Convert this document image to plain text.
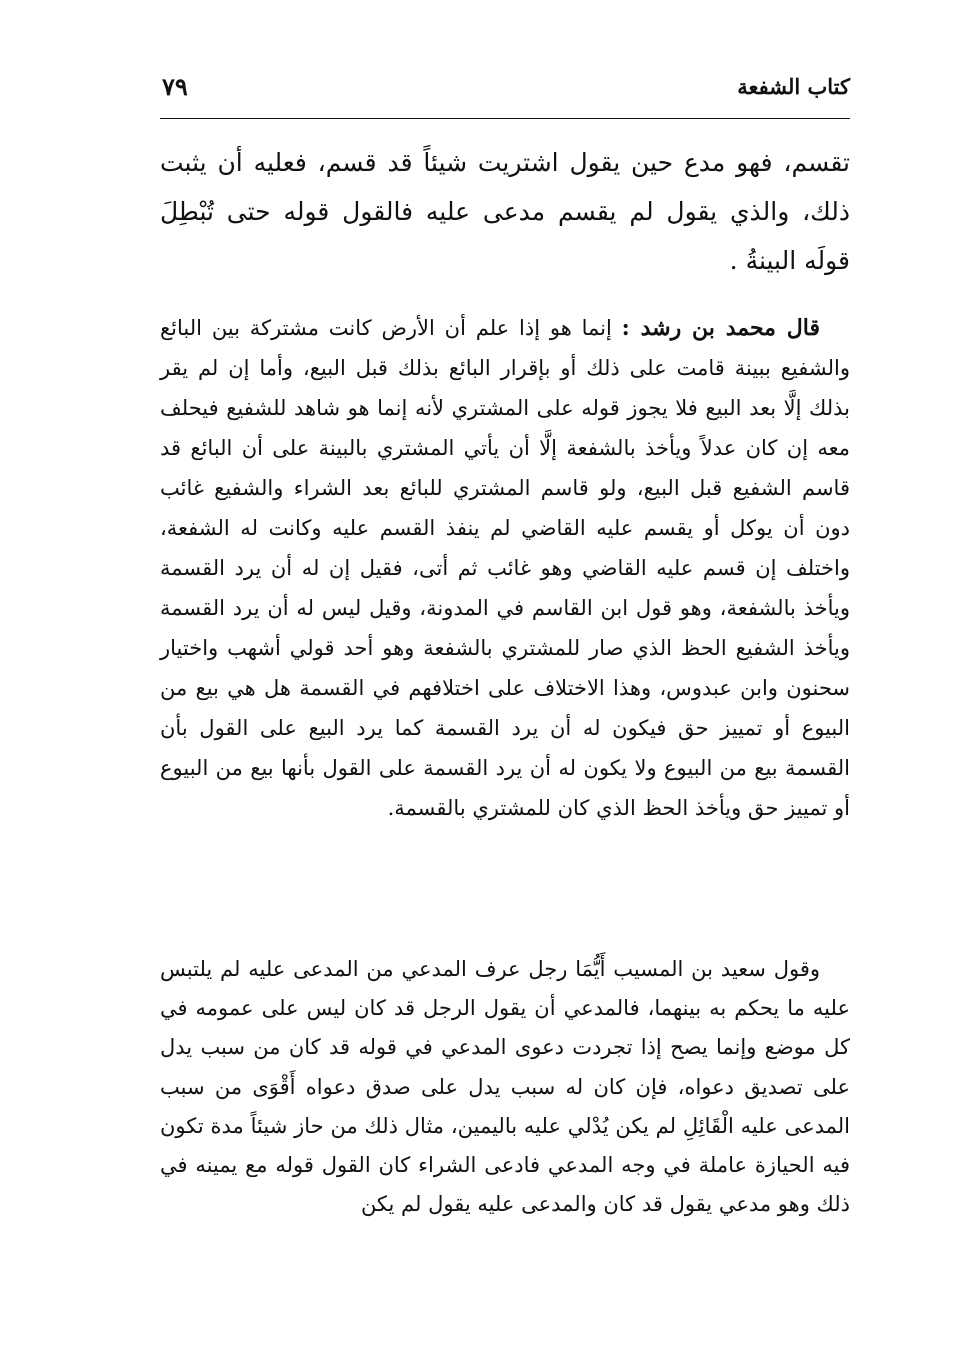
كتاب الشفعة
٧٩

تقسم، فهو مدع حين يقول اشتريت شيئاً قد قسم، فعليه أن يثبت ذلك، والذي يقول لم يقسم مدعى عليه فالقول قوله حتى تُبْطِلَ قولَه البينةُ .

قال محمد بن رشد : إنما هو إذا علم أن الأرض كانت مشتركة بين البائع والشفيع ببينة قامت على ذلك أو بإقرار البائع بذلك قبل البيع، وأما إن لم يقر بذلك إلَّا بعد البيع فلا يجوز قوله على المشتري لأنه إنما هو شاهد للشفيع فيحلف معه إن كان عدلاً ويأخذ بالشفعة إلَّا أن يأتي المشتري بالبينة على أن البائع قد قاسم الشفيع قبل البيع، ولو قاسم المشتري للبائع بعد الشراء والشفيع غائب دون أن يوكل أو يقسم عليه القاضي لم ينفذ القسم عليه وكانت له الشفعة، واختلف إن قسم عليه القاضي وهو غائب ثم أتى، فقيل إن له أن يرد القسمة ويأخذ بالشفعة، وهو قول ابن القاسم في المدونة، وقيل ليس له أن يرد القسمة ويأخذ الشفيع الحظ الذي صار للمشتري بالشفعة وهو أحد قولي أشهب واختيار سحنون وابن عبدوس، وهذا الاختلاف على اختلافهم في القسمة هل هي بيع من البيوع أو تمييز حق فيكون له أن يرد القسمة كما يرد البيع على القول بأن القسمة بيع من البيوع ولا يكون له أن يرد القسمة على القول بأنها بيع من البيوع أو تمييز حق ويأخذ الحظ الذي كان للمشتري بالقسمة.

وقول سعيد بن المسيب أَيُّمَا رجل عرف المدعي من المدعى عليه لم يلتبس عليه ما يحكم به بينهما، فالمدعي أن يقول الرجل قد كان ليس على عمومه في كل موضع وإنما يصح إذا تجردت دعوى المدعي في قوله قد كان من سبب يدل على تصديق دعواه، فإن كان له سبب يدل على صدق دعواه أَقْوَى من سبب المدعى عليه الْقَائِلِ لم يكن يُدْلي عليه باليمين، مثال ذلك من حاز شيئاً مدة تكون فيه الحيازة عاملة في وجه المدعي فادعى الشراء كان القول قوله مع يمينه في ذلك وهو مدعي يقول قد كان والمدعى عليه يقول لم يكن
